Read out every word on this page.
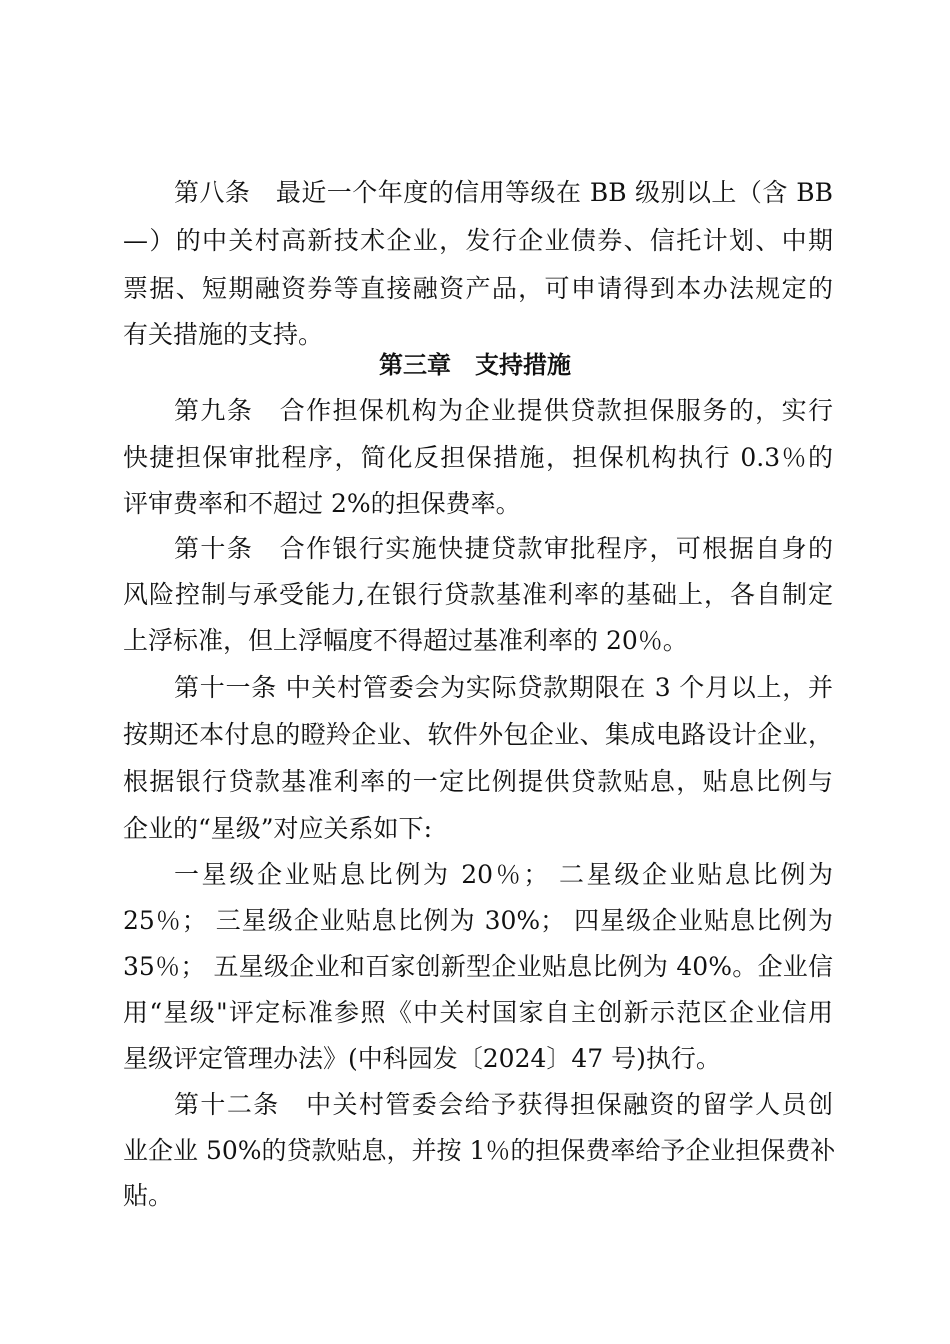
第八条　最近一个年度的信用等级在 BB 级别以上（含 BB
—）的中关村高新技术企业，发行企业债券、信托计划、中期
票据、短期融资券等直接融资产品，可申请得到本办法规定的
有关措施的支持。
第三章　支持措施
第九条　合作担保机构为企业提供贷款担保服务的，实行
快捷担保审批程序，简化反担保措施，担保机构执行 0.3％的
评审费率和不超过 2%的担保费率。
第十条　合作银行实施快捷贷款审批程序，可根据自身的
风险控制与承受能力,在银行贷款基准利率的基础上，各自制定
上浮标准，但上浮幅度不得超过基准利率的 20％。
第十一条 中关村管委会为实际贷款期限在 3 个月以上，并
按期还本付息的瞪羚企业、软件外包企业、集成电路设计企业，
根据银行贷款基准利率的一定比例提供贷款贴息，贴息比例与
企业的“星级”对应关系如下:
一星级企业贴息比例为 20％； 二星级企业贴息比例为
25％； 三星级企业贴息比例为 30%； 四星级企业贴息比例为
35％； 五星级企业和百家创新型企业贴息比例为 40%。企业信
用“星级"评定标准参照《中关村国家自主创新示范区企业信用
星级评定管理办法》(中科园发〔2024〕47 号)执行。
第十二条　中关村管委会给予获得担保融资的留学人员创
业企业 50%的贷款贴息，并按 1％的担保费率给予企业担保费补
贴。
